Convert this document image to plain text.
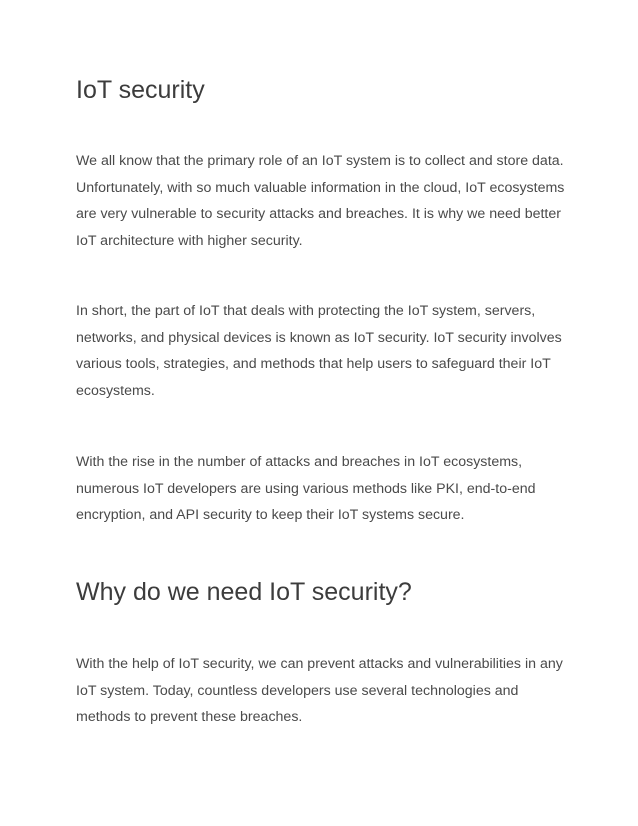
IoT security

We all know that the primary role of an IoT system is to collect and store data.
Unfortunately, with so much valuable information in the cloud, IoT ecosystems
are very vulnerable to security attacks and breaches. It is why we need better
IoT architecture with higher security.

In short, the part of IoT that deals with protecting the IoT system, servers,
networks, and physical devices is known as IoT security. IoT security involves
various tools, strategies, and methods that help users to safeguard their IoT
ecosystems.

With the rise in the number of attacks and breaches in IoT ecosystems,
numerous IoT developers are using various methods like PKI, end-to-end
encryption, and API security to keep their IoT systems secure.

Why do we need IoT security?

With the help of IoT security, we can prevent attacks and vulnerabilities in any
IoT system. Today, countless developers use several technologies and
methods to prevent these breaches.
